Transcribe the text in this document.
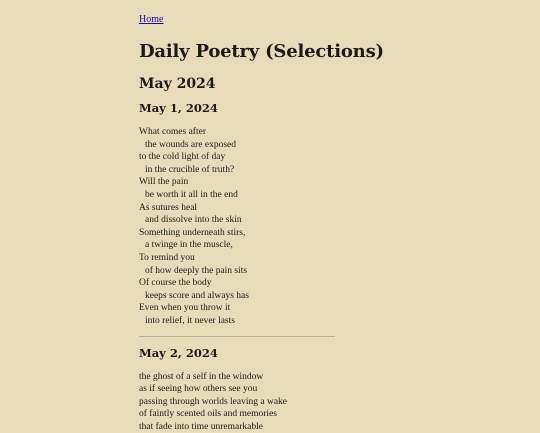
Home
Daily Poetry (Selections)
May 2024
May 1, 2024
What comes after
the wounds are exposed
to the cold light of day
in the crucible of truth?
Will the pain
be worth it all in the end
As sutures heal
and dissolve into the skin
Something underneath stirs,
a twinge in the muscle,
To remind you
of how deeply the pain sits
Of course the body
keeps score and always has
Even when you throw it
into relief, it never lasts
May 2, 2024
the ghost of a self in the window
as if seeing how others see you
passing through worlds leaving a wake
of faintly scented oils and memories
that fade into time unremarkable
